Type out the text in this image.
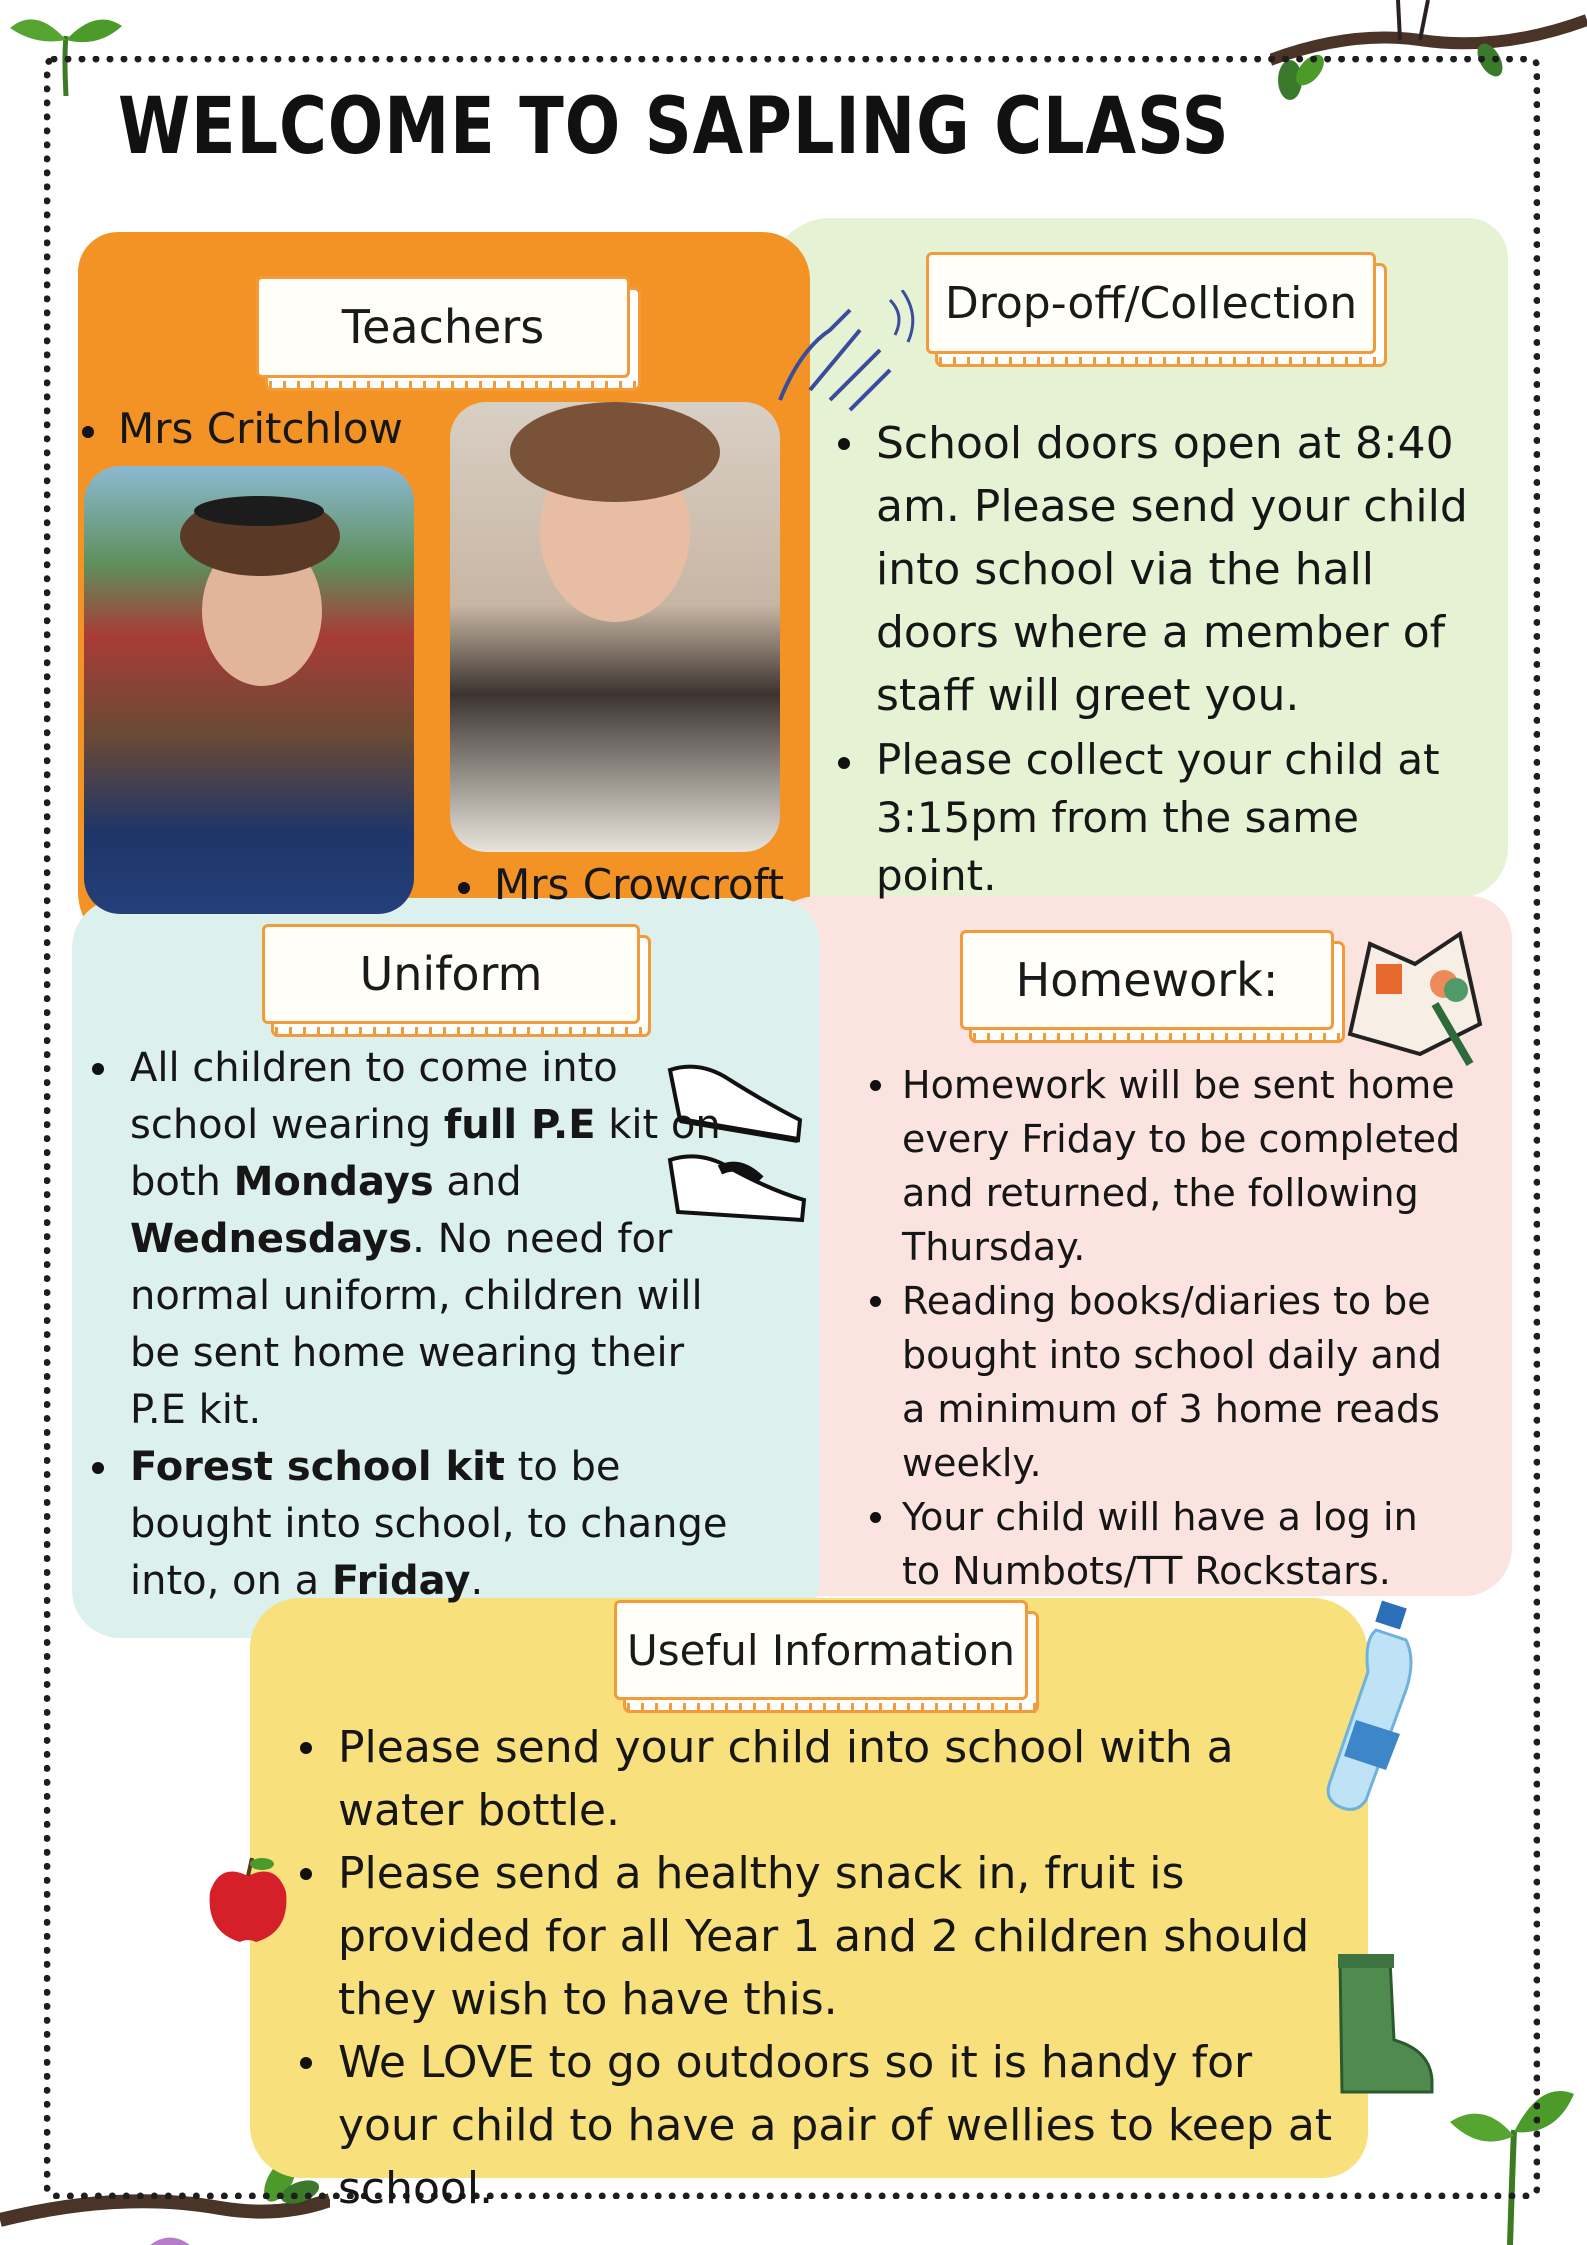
WELCOME TO SAPLING CLASS
Teachers
Mrs Critchlow
Mrs Crowcroft
Drop-off/Collection
School doors open at 8:40 am. Please send your child into school via the hall doors where a member of staff will greet you.
Please collect your child at 3:15pm from the same point.
Uniform
All children to come into school wearing full P.E kit on both Mondays and Wednesdays. No need for normal uniform, children will be sent home wearing their P.E kit.
Forest school kit to be bought into school, to change into, on a Friday.
Homework:
Homework will be sent home every Friday to be completed and returned, the following Thursday.
Reading books/diaries to be bought into school daily and a minimum of 3 home reads weekly.
Your child will have a log in to Numbots/TT Rockstars.
Useful Information
Please send your child into school with a water bottle.
Please send a healthy snack in, fruit is provided for all Year 1 and 2 children should they wish to have this.
We LOVE to go outdoors so it is handy for your child to have a pair of wellies to keep at school.
